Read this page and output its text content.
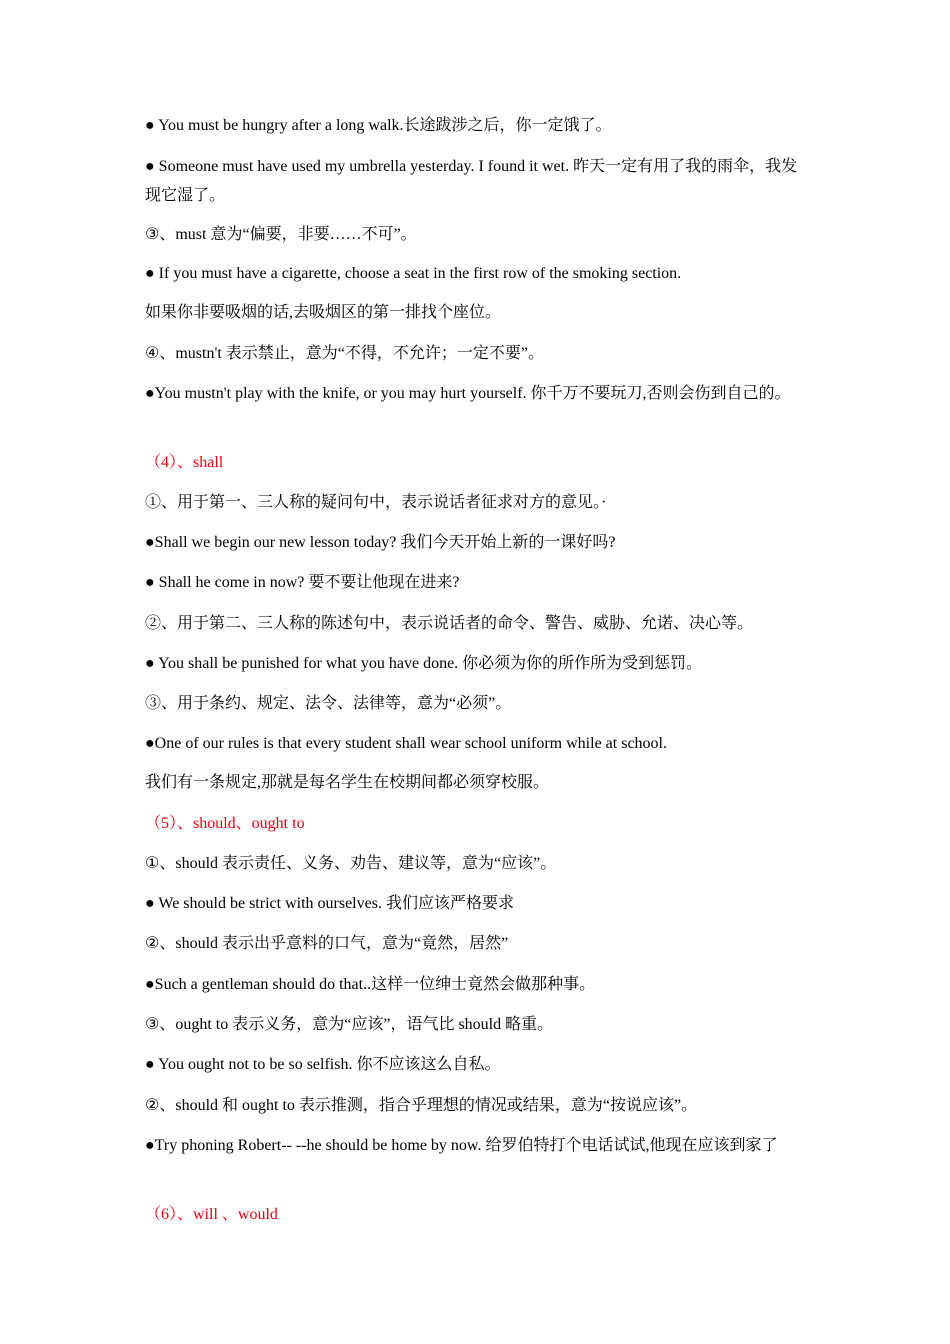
● You must be hungry after a long walk.长途跋涉之后，你一定饿了。
● Someone must have used my umbrella yesterday. I found it wet. 昨天一定有用了我的雨伞，我发现它湿了。
③、must 意为“偏要，非要……不可”。
● If you must have a cigarette, choose a seat in the first row of the smoking section.
如果你非要吸烟的话,去吸烟区的第一排找个座位。
④、mustn't 表示禁止，意为“不得，不允许；一定不要”。
●You mustn't play with the knife, or you may hurt yourself. 你千万不要玩刀,否则会伤到自己的。
（4）、shall
①、用于第一、三人称的疑问句中，表示说话者征求对方的意见。·
●Shall we begin our new lesson today? 我们今天开始上新的一课好吗?
● Shall he come in now? 要不要让他现在进来?
②、用于第二、三人称的陈述句中，表示说话者的命令、警告、威胁、允诺、决心等。
● You shall be punished for what you have done. 你必须为你的所作所为受到惩罚。
③、用于条约、规定、法令、法律等，意为“必须”。
●One of our rules is that every student shall wear school uniform while at school.
我们有一条规定,那就是每名学生在校期间都必须穿校服。
（5）、should、ought to
①、should 表示责任、义务、劝告、建议等，意为“应该”。
● We should be strict with ourselves. 我们应该严格要求
②、should 表示出乎意料的口气，意为“竟然，居然”
●Such a gentleman should do that..这样一位绅士竟然会做那种事。
③、ought to 表示义务，意为“应该”，语气比 should 略重。
● You ought not to be so selfish. 你不应该这么自私。
②、should 和 ought to 表示推测，指合乎理想的情况或结果，意为“按说应该”。
●Try phoning Robert-- --he should be home by now. 给罗伯特打个电话试试,他现在应该到家了
（6）、will 、would
